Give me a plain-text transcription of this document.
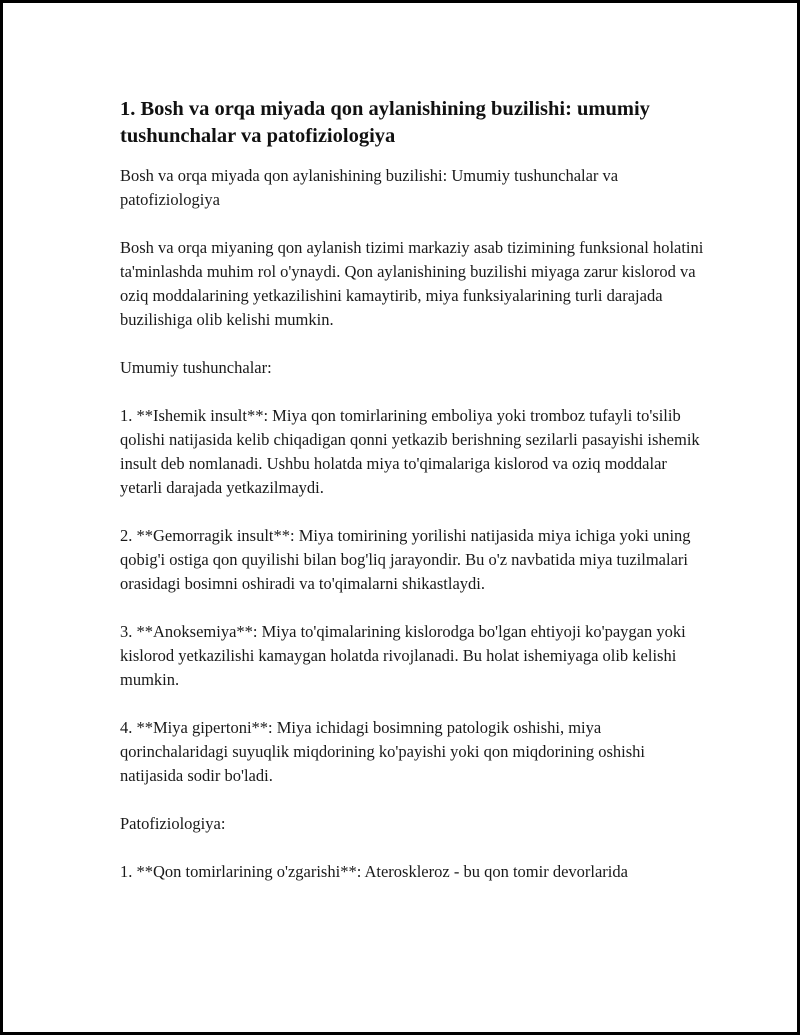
1. Bosh va orqa miyada qon aylanishining buzilishi: umumiy tushunchalar va patofiziologiya

Bosh va orqa miyada qon aylanishining buzilishi: Umumiy tushunchalar va patofiziologiya

Bosh va orqa miyaning qon aylanish tizimi markaziy asab tizimining funksional holatini ta'minlashda muhim rol o'ynaydi. Qon aylanishining buzilishi miyaga zarur kislorod va oziq moddalarining yetkazilishini kamaytirib, miya funksiyalarining turli darajada buzilishiga olib kelishi mumkin.

Umumiy tushunchalar:

1. **Ishemik insult**: Miya qon tomirlarining emboliya yoki tromboz tufayli to'silib qolishi natijasida kelib chiqadigan qonni yetkazib berishning sezilarli pasayishi ishemik insult deb nomlanadi. Ushbu holatda miya to'qimalariga kislorod va oziq moddalar yetarli darajada yetkazilmaydi.

2. **Gemorragik insult**: Miya tomirining yorilishi natijasida miya ichiga yoki uning qobig'i ostiga qon quyilishi bilan bog'liq jarayondir. Bu o'z navbatida miya tuzilmalari orasidagi bosimni oshiradi va to'qimalarni shikastlaydi.

3. **Anoksemiya**: Miya to'qimalarining kislorodga bo'lgan ehtiyoji ko'paygan yoki kislorod yetkazilishi kamaygan holatda rivojlanadi. Bu holat ishemiyaga olib kelishi mumkin.

4. **Miya gipertoni**: Miya ichidagi bosimning patologik oshishi, miya qorinchalaridagi suyuqlik miqdorining ko'payishi yoki qon miqdorining oshishi natijasida sodir bo'ladi.

Patofiziologiya:

1. **Qon tomirlarining o'zgarishi**: Ateroskleroz - bu qon tomir devorlarida
